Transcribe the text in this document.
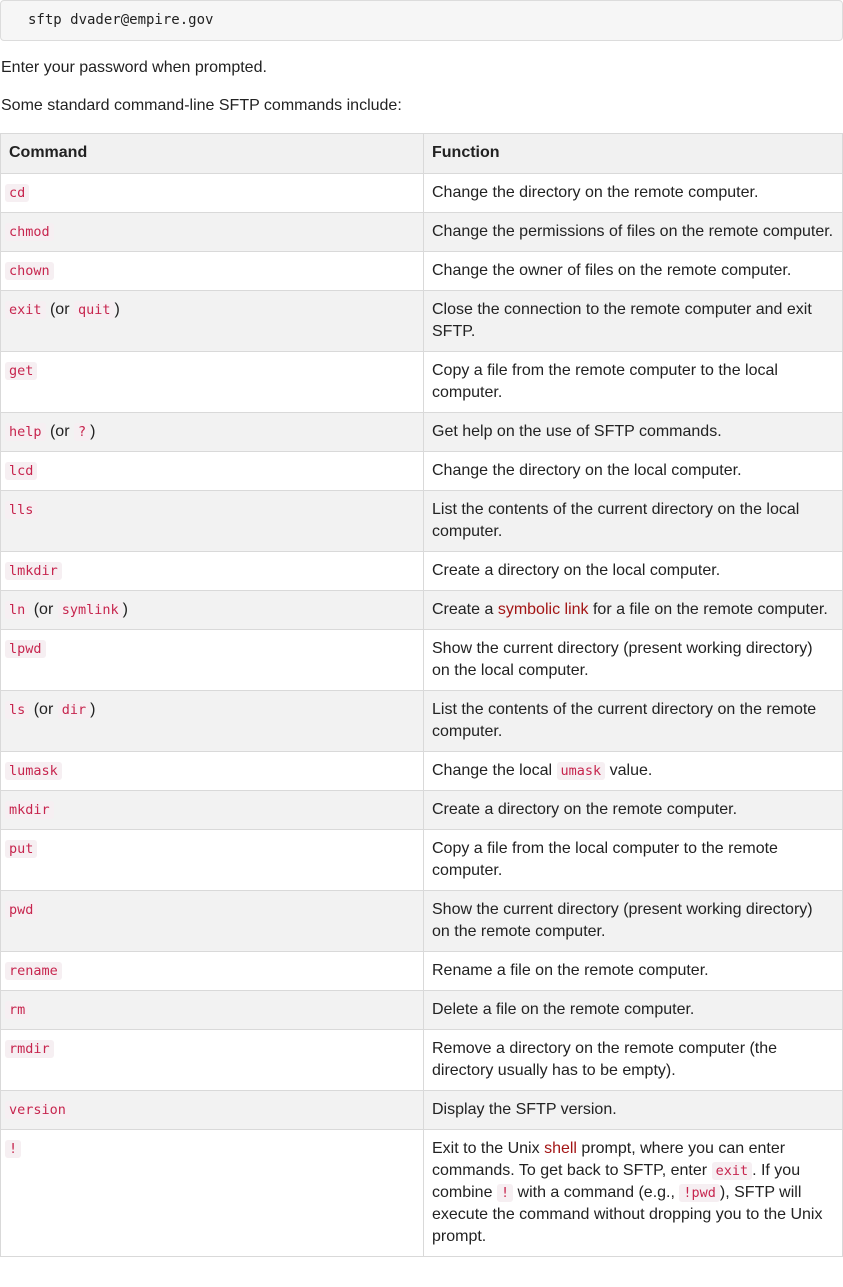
sftp dvader@empire.gov

Enter your password when prompted.

Some standard command-line SFTP commands include:

Command	Function
cd	Change the directory on the remote computer.
chmod	Change the permissions of files on the remote computer.
chown	Change the owner of files on the remote computer.
exit (or quit )	Close the connection to the remote computer and exit SFTP.
get	Copy a file from the remote computer to the local computer.
help (or ? )	Get help on the use of SFTP commands.
lcd	Change the directory on the local computer.
lls	List the contents of the current directory on the local computer.
lmkdir	Create a directory on the local computer.
ln (or symlink )	Create a symbolic link for a file on the remote computer.
lpwd	Show the current directory (present working directory) on the local computer.
ls (or dir )	List the contents of the current directory on the remote computer.
lumask	Change the local umask value.
mkdir	Create a directory on the remote computer.
put	Copy a file from the local computer to the remote computer.
pwd	Show the current directory (present working directory) on the remote computer.
rename	Rename a file on the remote computer.
rm	Delete a file on the remote computer.
rmdir	Remove a directory on the remote computer (the directory usually has to be empty).
version	Display the SFTP version.
!	Exit to the Unix shell prompt, where you can enter commands. To get back to SFTP, enter exit . If you combine ! with a command (e.g., !pwd ), SFTP will execute the command without dropping you to the Unix prompt.
